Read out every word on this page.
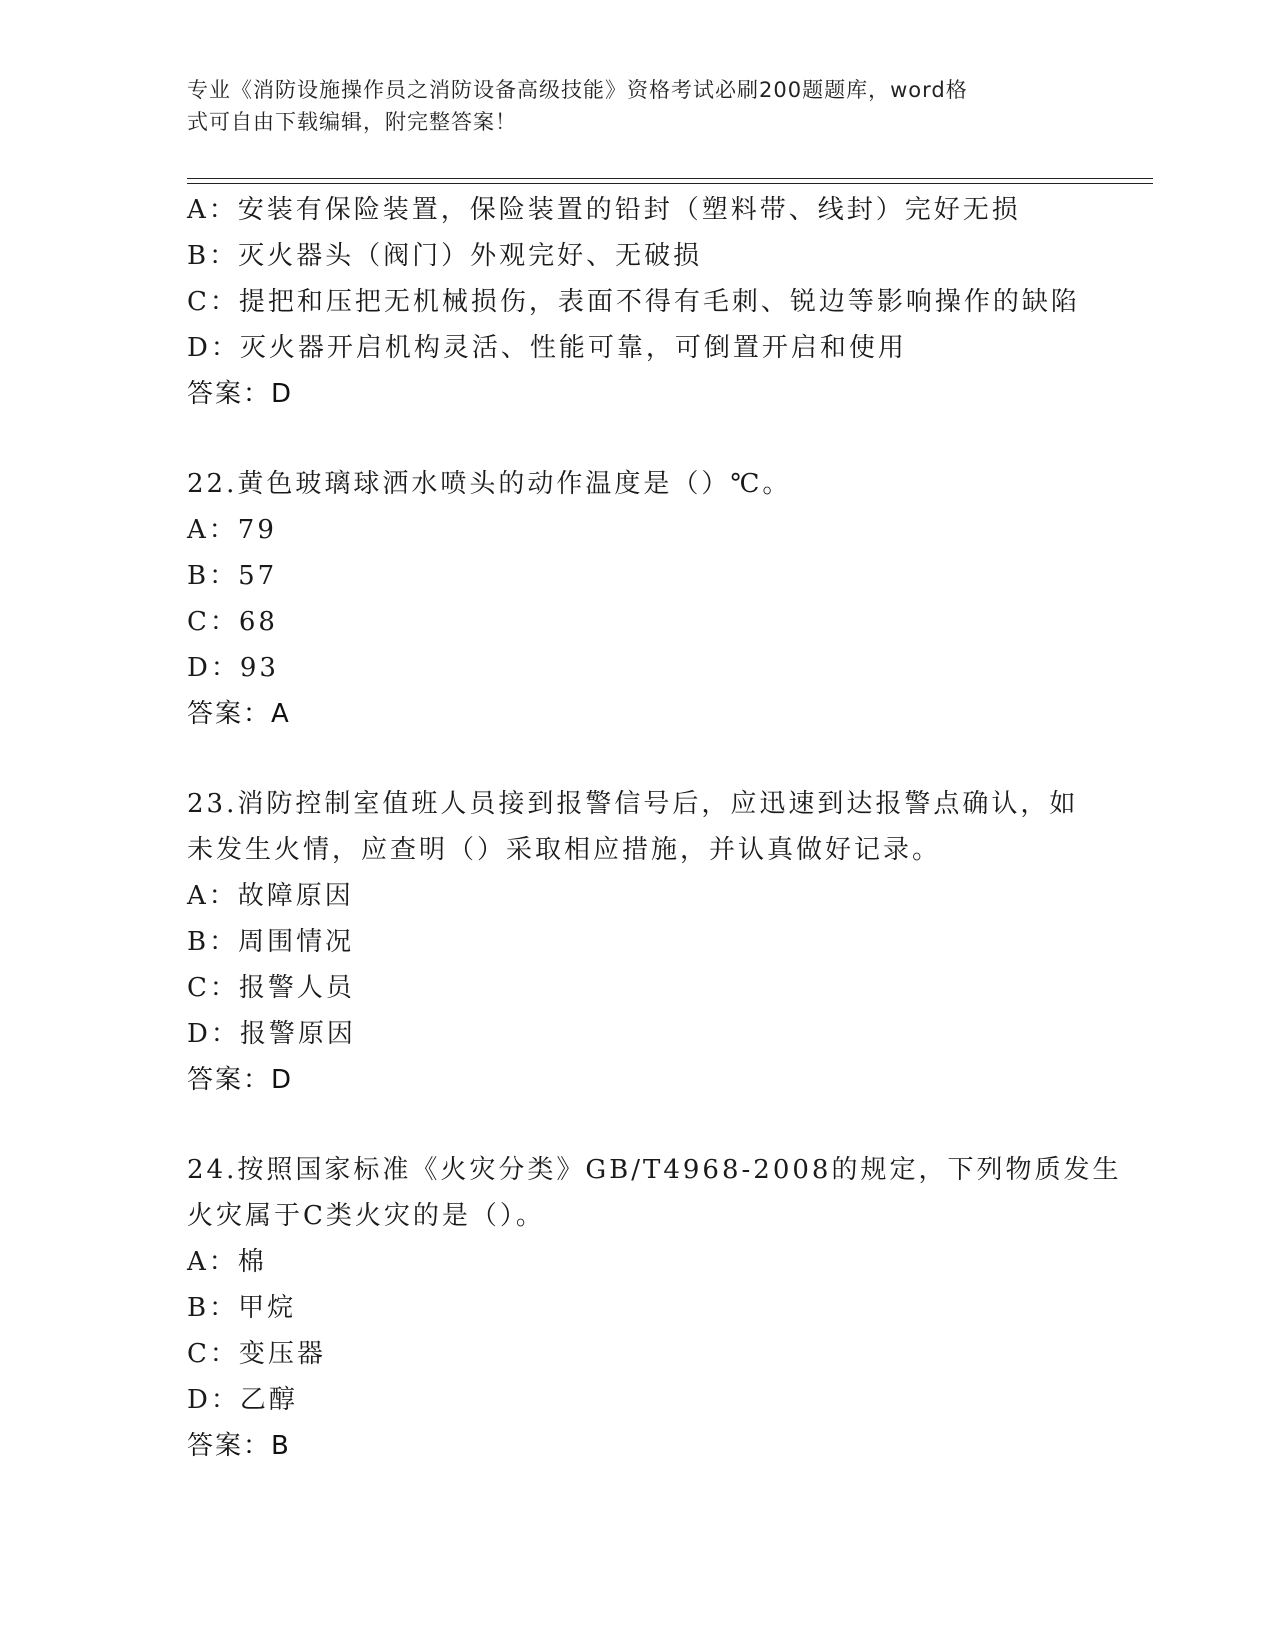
专业《消防设施操作员之消防设备高级技能》资格考试必刷200题题库，word格
式可自由下载编辑，附完整答案！
A：安装有保险装置，保险装置的铅封（塑料带、线封）完好无损
B：灭火器头（阀门）外观完好、无破损
C：提把和压把无机械损伤，表面不得有毛刺、锐边等影响操作的缺陷
D：灭火器开启机构灵活、性能可靠，可倒置开启和使用
答案：D
22.黄色玻璃球洒水喷头的动作温度是（）℃。
A：79
B：57
C：68
D：93
答案：A
23.消防控制室值班人员接到报警信号后，应迅速到达报警点确认，如
未发生火情，应查明（）采取相应措施，并认真做好记录。
A：故障原因
B：周围情况
C：报警人员
D：报警原因
答案：D
24.按照国家标准《火灾分类》GB/T4968-2008的规定，下列物质发生
火灾属于C类火灾的是（）。
A：棉
B：甲烷
C：变压器
D：乙醇
答案：B
